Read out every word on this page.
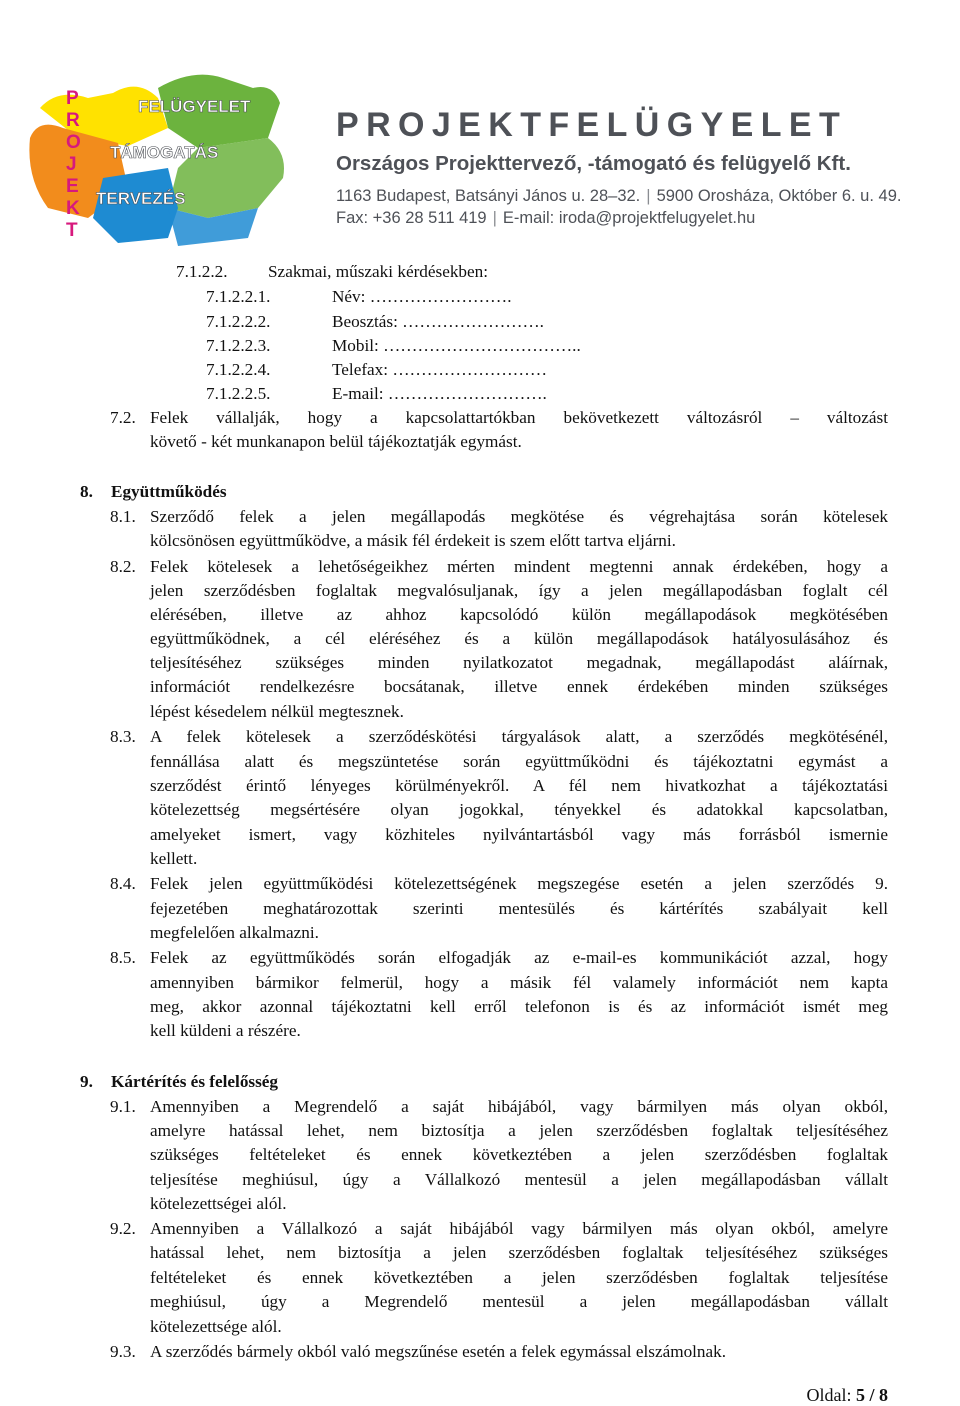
P
R
O
J
E
K
T
FELÜGYELET
TÁMOGATÁS
TERVEZÉS
PROJEKTFELÜGYELET
Országos Projekttervező, -támogató és felügyelő Kft.
1163 Budapest, Batsányi János u. 28–32. | 5900 Orosháza, Október 6. u. 49.
Fax: +36 28 511 419 | E-mail: iroda@projektfelugyelet.hu
7.1.2.2. Szakmai, műszaki kérdésekben:
7.1.2.2.1.	Név: …………………….
7.1.2.2.2.	Beosztás: …………………….
7.1.2.2.3.	Mobil: ……………………………..
7.1.2.2.4.	Telefax: ………………………
7.1.2.2.5.	E-mail: ……………………….
7.2. Felek vállalják, hogy a kapcsolattartókban bekövetkezett változásról – változást
követő - két munkanapon belül tájékoztatják egymást.
8. Együttműködés
8.1. Szerződő felek a jelen megállapodás megkötése és végrehajtása során kötelesek
kölcsönösen együttműködve, a másik fél érdekeit is szem előtt tartva eljárni.
8.2. Felek kötelesek a lehetőségeikhez mérten mindent megtenni annak érdekében, hogy a
jelen szerződésben foglaltak megvalósuljanak, így a jelen megállapodásban foglalt cél
elérésében, illetve az ahhoz kapcsolódó külön megállapodások megkötésében
együttműködnek, a cél eléréséhez és a külön megállapodások hatályosulásához és
teljesítéséhez szükséges minden nyilatkozatot megadnak, megállapodást aláírnak,
információt rendelkezésre bocsátanak, illetve ennek érdekében minden szükséges
lépést késedelem nélkül megtesznek.
8.3. A felek kötelesek a szerződéskötési tárgyalások alatt, a szerződés megkötésénél,
fennállása alatt és megszüntetése során együttműködni és tájékoztatni egymást a
szerződést érintő lényeges körülményekről. A fél nem hivatkozhat a tájékoztatási
kötelezettség megsértésére olyan jogokkal, tényekkel és adatokkal kapcsolatban,
amelyeket ismert, vagy közhiteles nyilvántartásból vagy más forrásból ismernie
kellett.
8.4. Felek jelen együttműködési kötelezettségének megszegése esetén a jelen szerződés 9.
fejezetében meghatározottak szerinti mentesülés és kártérítés szabályait kell
megfelelően alkalmazni.
8.5. Felek az együttműködés során elfogadják az e-mail-es kommunikációt azzal, hogy
amennyiben bármikor felmerül, hogy a másik fél valamely információt nem kapta
meg, akkor azonnal tájékoztatni kell erről telefonon is és az információt ismét meg
kell küldeni a részére.
9. Kártérítés és felelősség
9.1. Amennyiben a Megrendelő a saját hibájából, vagy bármilyen más olyan okból,
amelyre hatással lehet, nem biztosítja a jelen szerződésben foglaltak teljesítéséhez
szükséges feltételeket és ennek következtében a jelen szerződésben foglaltak
teljesítése meghiúsul, úgy a Vállalkozó mentesül a jelen megállapodásban vállalt
kötelezettségei alól.
9.2. Amennyiben a Vállalkozó a saját hibájából vagy bármilyen más olyan okból, amelyre
hatással lehet, nem biztosítja a jelen szerződésben foglaltak teljesítéséhez szükséges
feltételeket és ennek következtében a jelen szerződésben foglaltak teljesítése
meghiúsul, úgy a Megrendelő mentesül a jelen megállapodásban vállalt
kötelezettsége alól.
9.3. A szerződés bármely okból való megszűnése esetén a felek egymással elszámolnak.
Oldal: 5 / 8
